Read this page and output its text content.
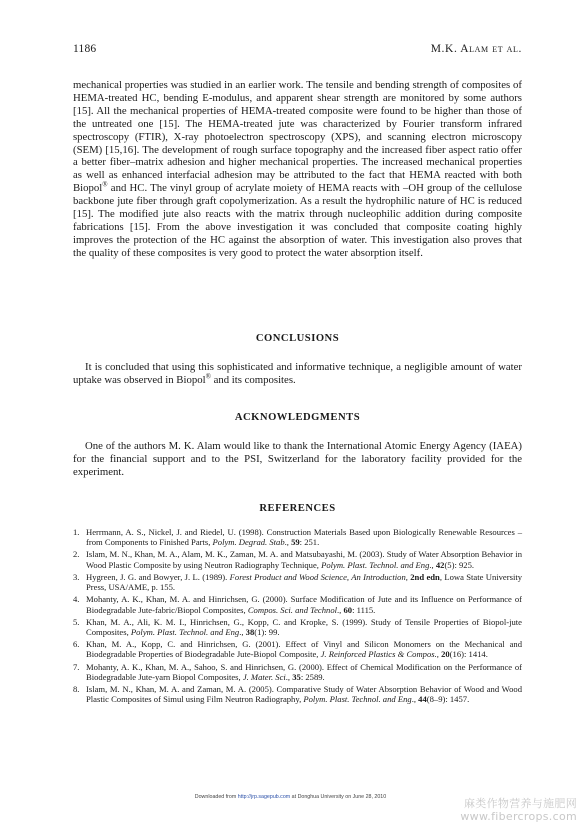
1186	M.K. Alam et al.

mechanical properties was studied in an earlier work. The tensile and bending strength of composites of HEMA-treated HC, bending E-modulus, and apparent shear strength are monitored by some authors [15]. All the mechanical properties of HEMA-treated composite were found to be higher than those of the untreated one [15]. The HEMA-treated jute was characterized by Fourier transform infrared spectroscopy (FTIR), X-ray photoelectron spectroscopy (XPS), and scanning electron microscopy (SEM) [15,16]. The development of rough surface topography and the increased fiber aspect ratio offer a better fiber–matrix adhesion and higher mechanical properties. The increased mechanical properties as well as enhanced interfacial adhesion may be attributed to the fact that HEMA reacted with both Biopol® and HC. The vinyl group of acrylate moiety of HEMA reacts with –OH group of the cellulose backbone jute fiber through graft copolymerization. As a result the hydrophilic nature of HC is reduced [15]. The modified jute also reacts with the matrix through nucleophilic addition during composite fabrications [15]. From the above investigation it was concluded that composite coating highly improves the protection of the HC against the absorption of water. This investigation also proves that the quality of these composites is very good to protect the water absorption itself.

CONCLUSIONS

It is concluded that using this sophisticated and informative technique, a negligible amount of water uptake was observed in Biopol® and its composites.

ACKNOWLEDGMENTS

One of the authors M. K. Alam would like to thank the International Atomic Energy Agency (IAEA) for the financial support and to the PSI, Switzerland for the laboratory facility provided for the experiment.

REFERENCES
1. Herrmann, A. S., Nickel, J. and Riedel, U. (1998). Construction Materials Based upon Biologically Renewable Resources – from Components to Finished Parts, Polym. Degrad. Stab., 59: 251.
2. Islam, M. N., Khan, M. A., Alam, M. K., Zaman, M. A. and Matsubayashi, M. (2003). Study of Water Absorption Behavior in Wood Plastic Composite by using Neutron Radiography Technique, Polym. Plast. Technol. and Eng., 42(5): 925.
3. Hygreen, J. G. and Bowyer, J. L. (1989). Forest Product and Wood Science, An Introduction, 2nd edn, Lowa State University Press, USA/AME, p. 155.
4. Mohanty, A. K., Khan, M. A. and Hinrichsen, G. (2000). Surface Modification of Jute and its Influence on Performance of Biodegradable Jute-fabric/Biopol Composites, Compos. Sci. and Technol., 60: 1115.
5. Khan, M. A., Ali, K. M. I., Hinrichsen, G., Kopp, C. and Kropke, S. (1999). Study of Tensile Properties of Biopol-jute Composites, Polym. Plast. Technol. and Eng., 38(1): 99.
6. Khan, M. A., Kopp, C. and Hinrichsen, G. (2001). Effect of Vinyl and Silicon Monomers on the Mechanical and Biodegradable Properties of Biodegradable Jute-Biopol Composite, J. Reinforced Plastics & Compos., 20(16): 1414.
7. Mohanty, A. K., Khan, M. A., Sahoo, S. and Hinrichsen, G. (2000). Effect of Chemical Modification on the Performance of Biodegradable Jute-yarn Biopol Composites, J. Mater. Sci., 35: 2589.
8. Islam, M. N., Khan, M. A. and Zaman, M. A. (2005). Comparative Study of Water Absorption Behavior of Wood and Wood Plastic Composites of Simul using Film Neutron Radiography, Polym. Plast. Technol. and Eng., 44(8–9): 1457.
Downloaded from http://jrp.sagepub.com at Donghua University on June 28, 2010	麻类作物营养与施肥网
www.fibercrops.com
